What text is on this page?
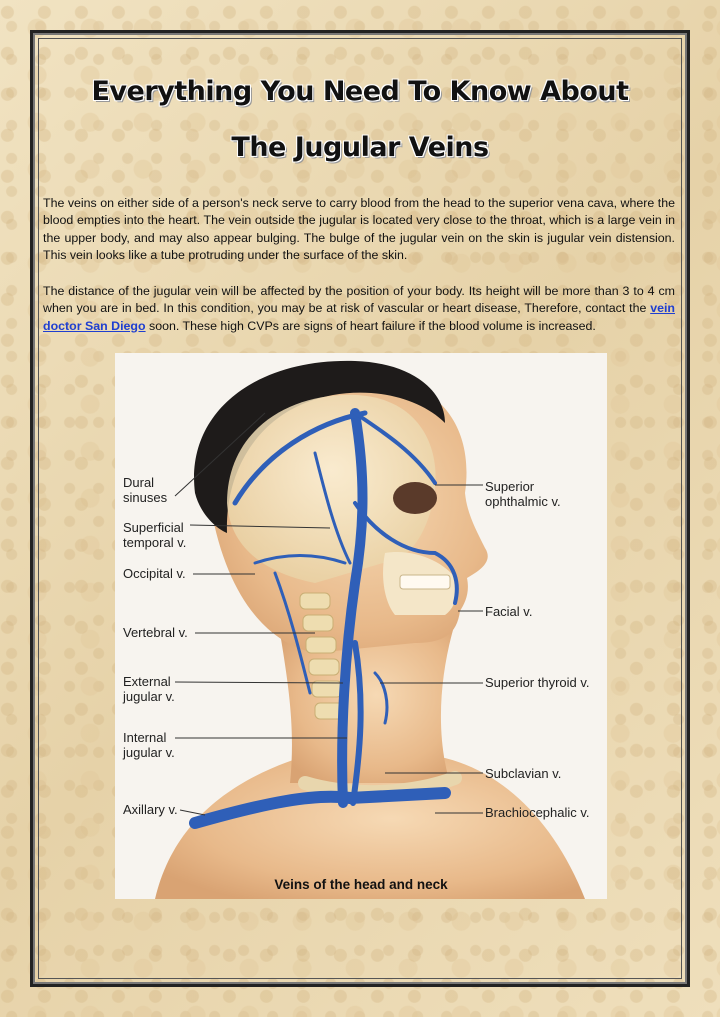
Everything You Need To Know About
The Jugular Veins

The veins on either side of a person's neck serve to carry blood from the head to the superior vena cava, where the blood empties into the heart. The vein outside the jugular is located very close to the throat, which is a large vein in the upper body, and may also appear bulging. The bulge of the jugular vein on the skin is jugular vein distension. This vein looks like a tube protruding under the surface of the skin.

The distance of the jugular vein will be affected by the position of your body. Its height will be more than 3 to 4 cm when you are in bed. In this condition, you may be at risk of vascular or heart disease, Therefore, contact the vein doctor San Diego soon. These high CVPs are signs of heart failure if the blood volume is increased.

Dural
sinuses
Superficial
temporal v.
Occipital v.
Vertebral v.
External
jugular v.
Internal
jugular v.
Axillary v.
Superior
ophthalmic v.
Facial v.
Superior thyroid v.
Subclavian v.
Brachiocephalic v.
Veins of the head and neck
